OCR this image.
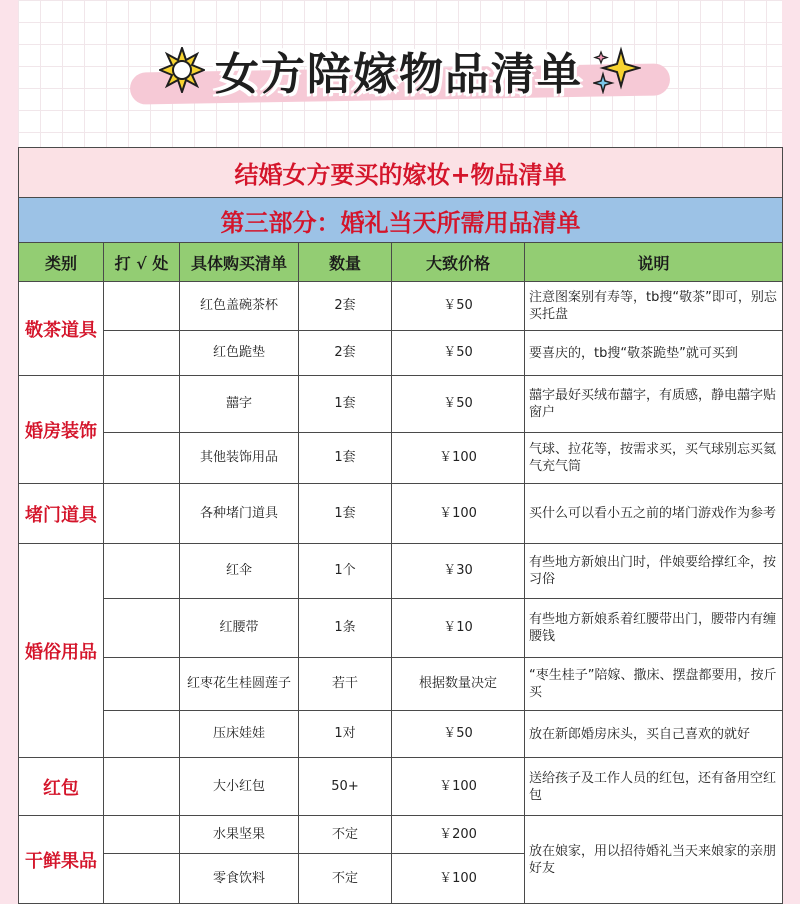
女方陪嫁物品清单
结婚女方要买的嫁妆+物品清单					
第三部分：婚礼当天所需用品清单					
类别	打 √ 处	具体购买清单	数量	大致价格	说明
敬茶道具		红色盖碗茶杯	2套	￥50	注意图案别有寿等，tb搜“敬茶”即可，别忘买托盘
		红色跪垫	2套	￥50	要喜庆的，tb搜“敬茶跪垫”就可买到
婚房装饰		囍字	1套	￥50	囍字最好买绒布囍字，有质感，静电囍字贴窗户
		其他装饰用品	1套	￥100	气球、拉花等，按需求买，买气球别忘买氦气充气筒
堵门道具		各种堵门道具	1套	￥100	买什么可以看小五之前的堵门游戏作为参考
婚俗用品		红伞	1个	￥30	有些地方新娘出门时，伴娘要给撑红伞，按习俗
		红腰带	1条	￥10	有些地方新娘系着红腰带出门，腰带内有缠腰钱
		红枣花生桂圆莲子	若干	根据数量决定	“枣生桂子”陪嫁、撒床、摆盘都要用，按斤买
		压床娃娃	1对	￥50	放在新郎婚房床头，买自己喜欢的就好
红包		大小红包	50+	￥100	送给孩子及工作人员的红包，还有备用空红包
干鲜果品		水果坚果	不定	￥200	放在娘家，用以招待婚礼当天来娘家的亲朋好友
		零食饮料	不定	￥100	
